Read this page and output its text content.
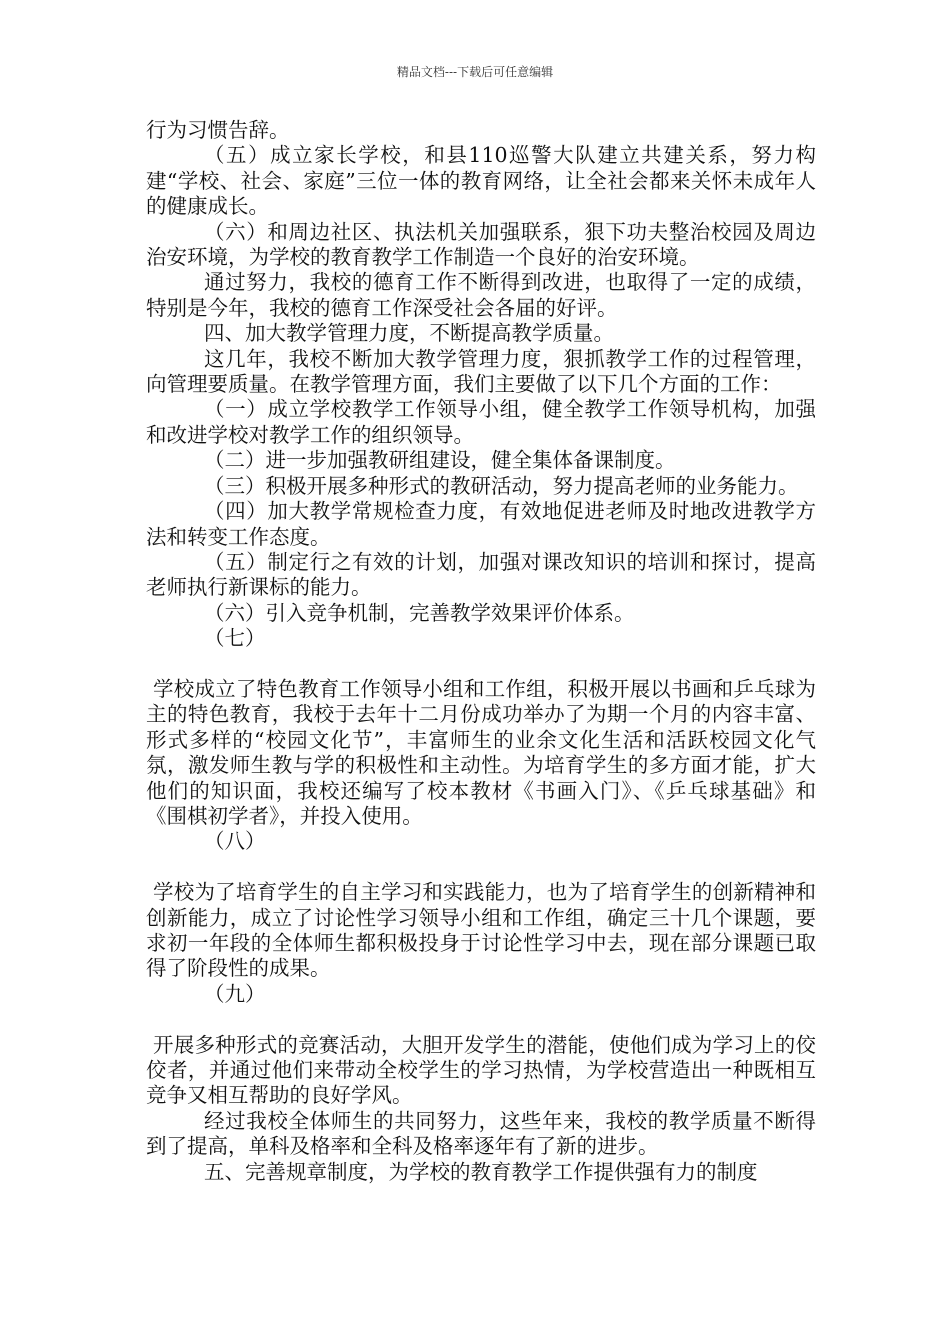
精品文档---下载后可任意编辑

行为习惯告辞。

（五）成立家长学校，和县110巡警大队建立共建关系，努力构建“学校、社会、家庭”三位一体的教育网络，让全社会都来关怀未成年人的健康成长。

（六）和周边社区、执法机关加强联系，狠下功夫整治校园及周边治安环境，为学校的教育教学工作制造一个良好的治安环境。

通过努力，我校的德育工作不断得到改进，也取得了一定的成绩，特别是今年，我校的德育工作深受社会各届的好评。

四、加大教学管理力度，不断提高教学质量。

这几年，我校不断加大教学管理力度，狠抓教学工作的过程管理，向管理要质量。在教学管理方面，我们主要做了以下几个方面的工作：

（一）成立学校教学工作领导小组，健全教学工作领导机构，加强和改进学校对教学工作的组织领导。

（二）进一步加强教研组建设，健全集体备课制度。

（三）积极开展多种形式的教研活动，努力提高老师的业务能力。

（四）加大教学常规检查力度，有效地促进老师及时地改进教学方法和转变工作态度。

（五）制定行之有效的计划，加强对课改知识的培训和探讨，提高老师执行新课标的能力。

（六）引入竞争机制，完善教学效果评价体系。

（七）

学校成立了特色教育工作领导小组和工作组，积极开展以书画和乒乓球为主的特色教育，我校于去年十二月份成功举办了为期一个月的内容丰富、形式多样的“校园文化节”，丰富师生的业余文化生活和活跃校园文化气氛，激发师生教与学的积极性和主动性。为培育学生的多方面才能，扩大他们的知识面，我校还编写了校本教材《书画入门》、《乒乓球基础》和《围棋初学者》，并投入使用。

（八）

学校为了培育学生的自主学习和实践能力，也为了培育学生的创新精神和创新能力，成立了讨论性学习领导小组和工作组，确定三十几个课题，要求初一年段的全体师生都积极投身于讨论性学习中去，现在部分课题已取得了阶段性的成果。

（九）

开展多种形式的竞赛活动，大胆开发学生的潜能，使他们成为学习上的佼佼者，并通过他们来带动全校学生的学习热情，为学校营造出一种既相互竞争又相互帮助的良好学风。

经过我校全体师生的共同努力，这些年来，我校的教学质量不断得到了提高，单科及格率和全科及格率逐年有了新的进步。

五、完善规章制度，为学校的教育教学工作提供强有力的制度
